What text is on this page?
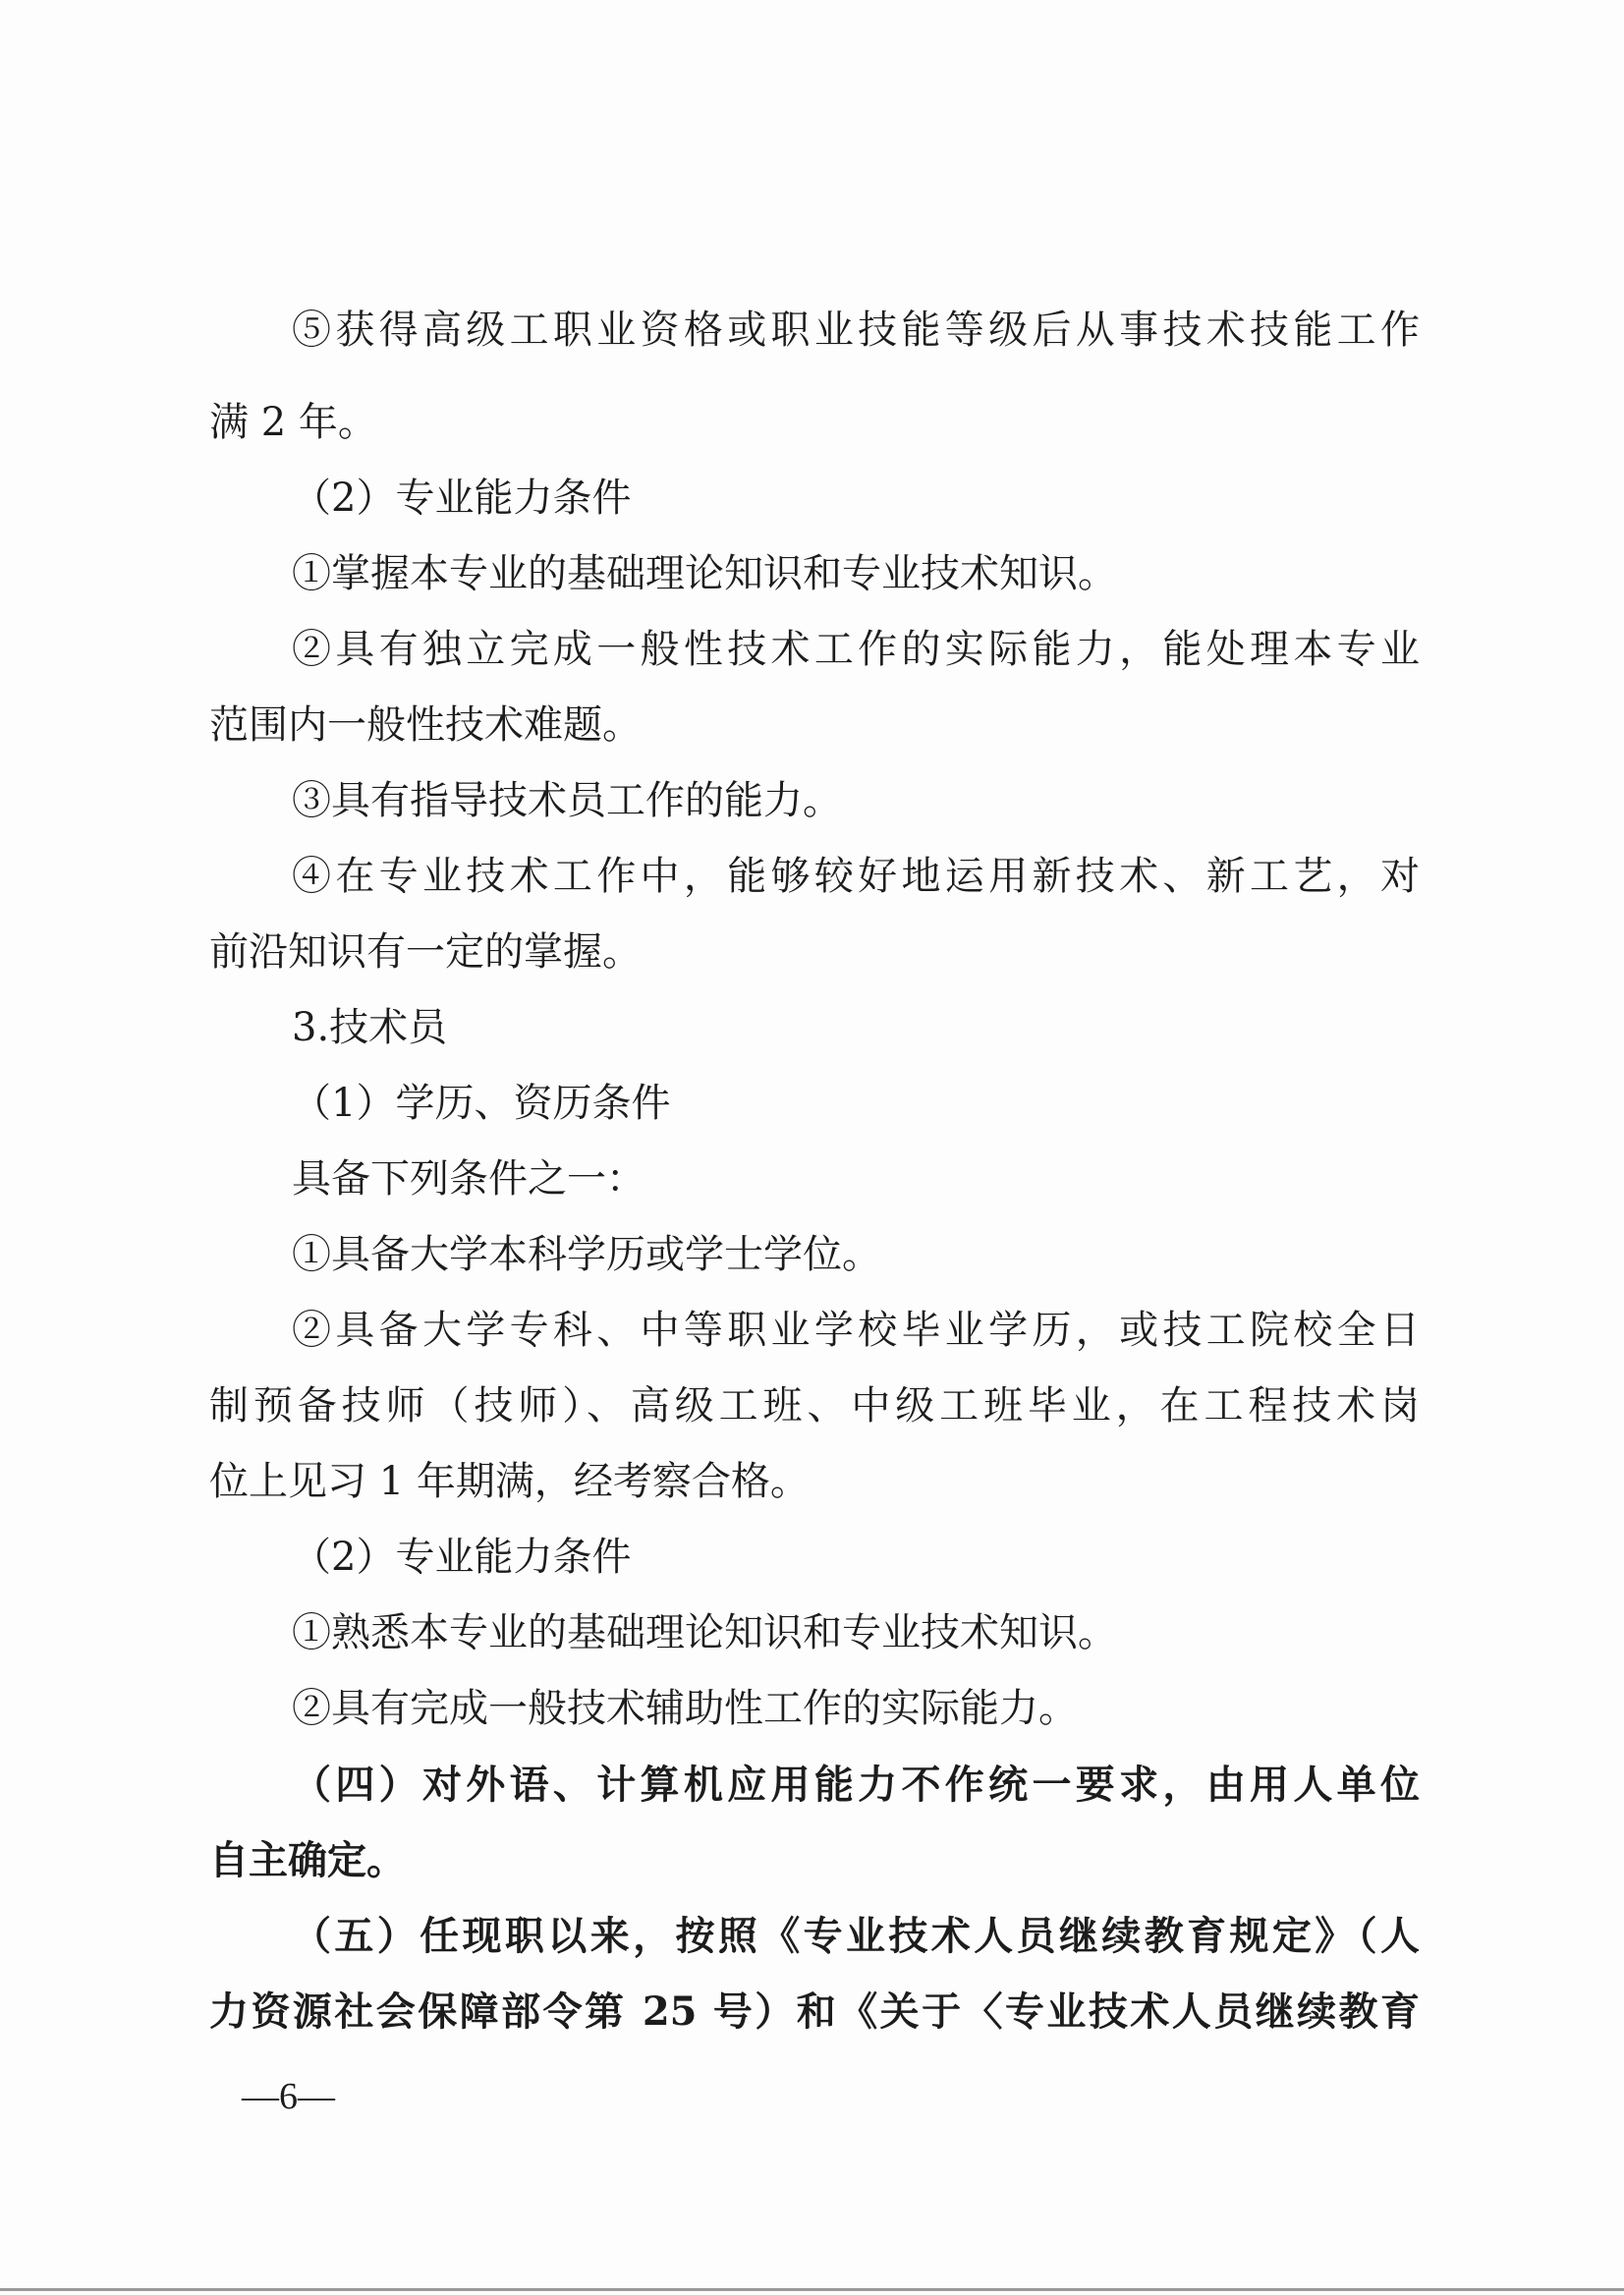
⑤获得高级工职业资格或职业技能等级后从事技术技能工作
满 2 年。
（2）专业能力条件
①掌握本专业的基础理论知识和专业技术知识。
②具有独立完成一般性技术工作的实际能力，能处理本专业
范围内一般性技术难题。
③具有指导技术员工作的能力。
④在专业技术工作中，能够较好地运用新技术、新工艺，对
前沿知识有一定的掌握。
3.技术员
（1）学历、资历条件
具备下列条件之一：
①具备大学本科学历或学士学位。
②具备大学专科、中等职业学校毕业学历，或技工院校全日
制预备技师（技师）、高级工班、中级工班毕业，在工程技术岗
位上见习 1 年期满，经考察合格。
（2）专业能力条件
①熟悉本专业的基础理论知识和专业技术知识。
②具有完成一般技术辅助性工作的实际能力。
（四）对外语、计算机应用能力不作统一要求，由用人单位
自主确定。
（五）任现职以来，按照《专业技术人员继续教育规定》（人
力资源社会保障部令第 25 号）和《关于〈专业技术人员继续教育
—6—
